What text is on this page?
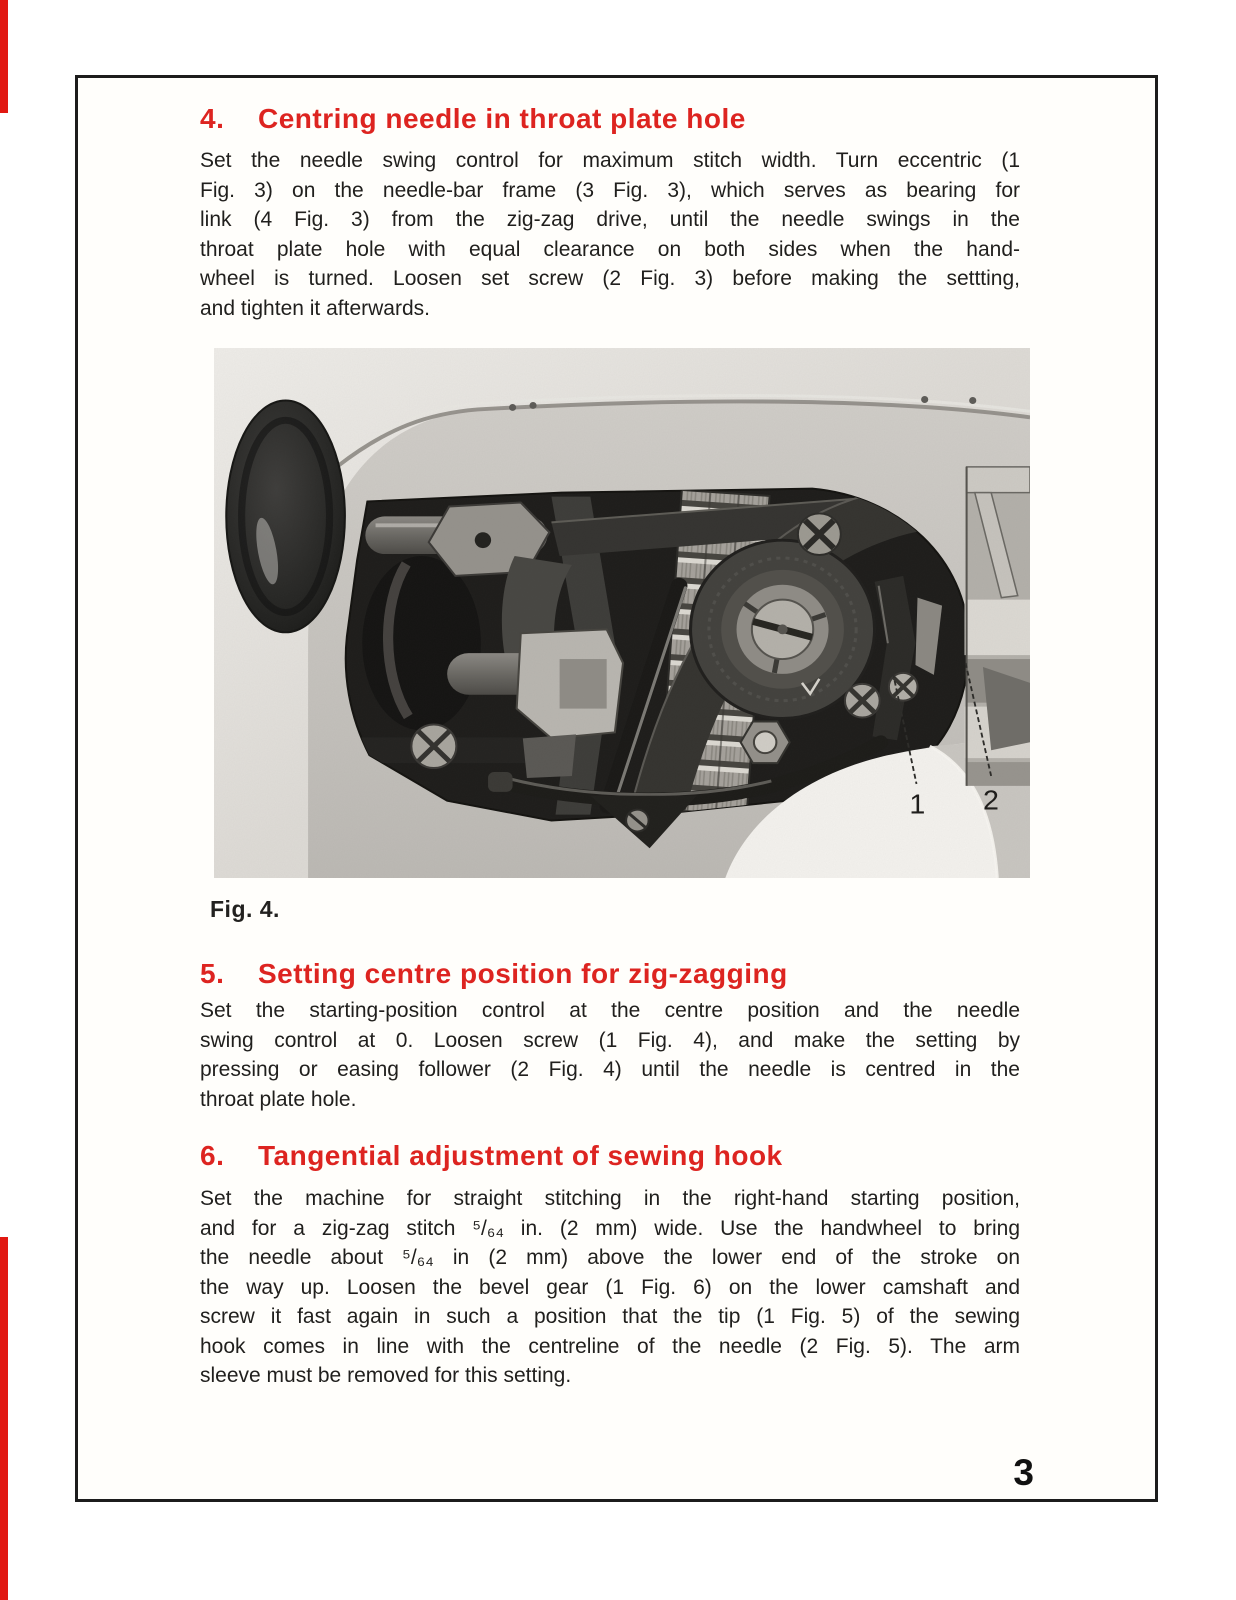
4. Centring needle in throat plate hole
Set the needle swing control for maximum stitch width. Turn eccentric (1
Fig. 3) on the needle-bar frame (3 Fig. 3), which serves as bearing for
link (4 Fig. 3) from the zig-zag drive, until the needle swings in the
throat plate hole with equal clearance on both sides when the hand-
wheel is turned. Loosen set screw (2 Fig. 3) before making the settting,
and tighten it afterwards.
Fig. 4.
5. Setting centre position for zig-zagging
Set the starting-position control at the centre position and the needle
swing control at 0. Loosen screw (1 Fig. 4), and make the setting by
pressing or easing follower (2 Fig. 4) until the needle is centred in the
throat plate hole.
6. Tangential adjustment of sewing hook
Set the machine for straight stitching in the right-hand starting position,
and for a zig-zag stitch ⁵/₆₄ in. (2 mm) wide. Use the handwheel to bring
the needle about ⁵/₆₄ in (2 mm) above the lower end of the stroke on
the way up. Loosen the bevel gear (1 Fig. 6) on the lower camshaft and
screw it fast again in such a position that the tip (1 Fig. 5) of the sewing
hook comes in line with the centreline of the needle (2 Fig. 5). The arm
sleeve must be removed for this setting.
3
